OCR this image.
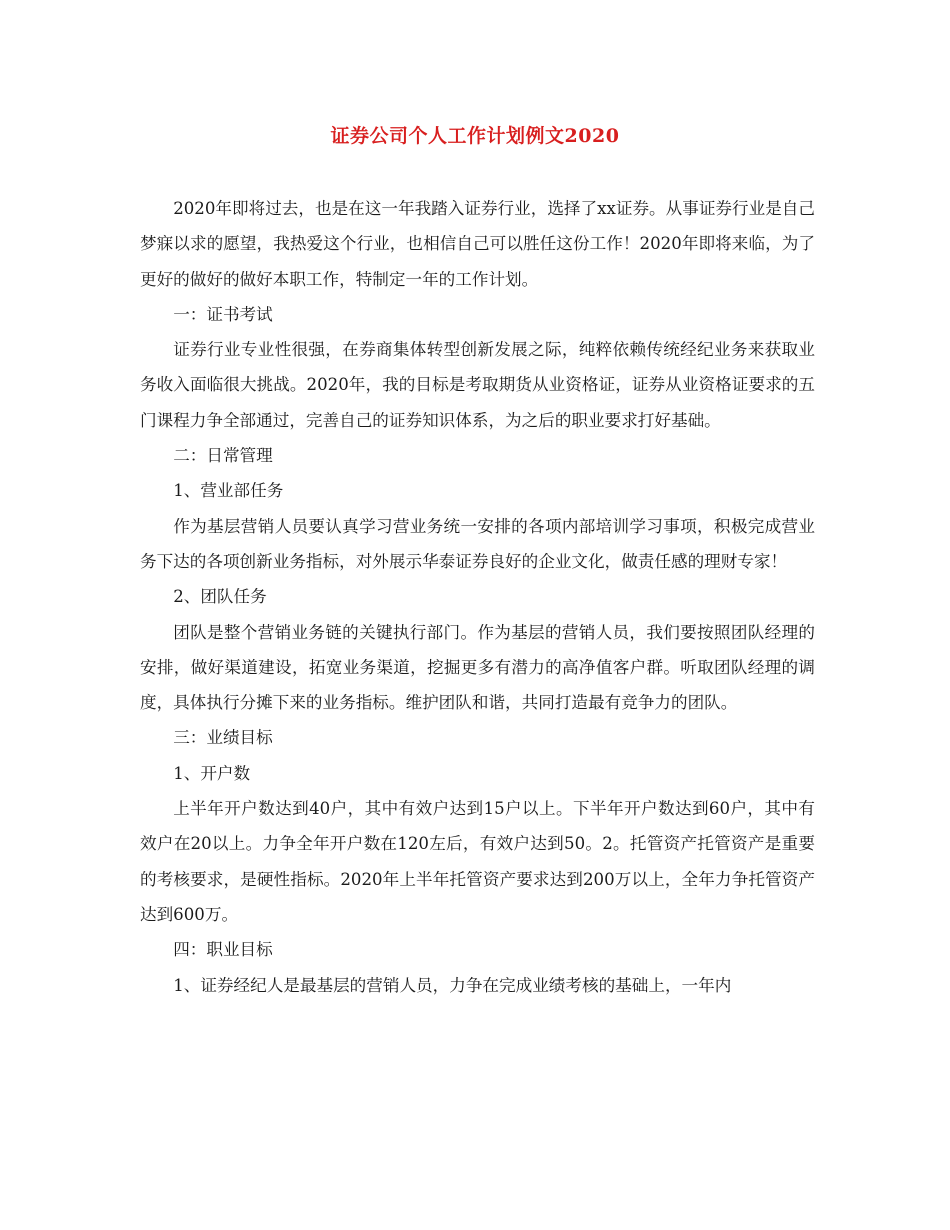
证券公司个人工作计划例文2020

2020年即将过去，也是在这一年我踏入证券行业，选择了xx证券。从事证券行业是自己梦寐以求的愿望，我热爱这个行业，也相信自己可以胜任这份工作！2020年即将来临，为了更好的做好的做好本职工作，特制定一年的工作计划。

一：证书考试

证券行业专业性很强，在券商集体转型创新发展之际，纯粹依赖传统经纪业务来获取业务收入面临很大挑战。2020年，我的目标是考取期货从业资格证，证券从业资格证要求的五门课程力争全部通过，完善自己的证券知识体系，为之后的职业要求打好基础。

二：日常管理

1、营业部任务

作为基层营销人员要认真学习营业务统一安排的各项内部培训学习事项，积极完成营业务下达的各项创新业务指标，对外展示华泰证券良好的企业文化，做责任感的理财专家！

2、团队任务

团队是整个营销业务链的关键执行部门。作为基层的营销人员，我们要按照团队经理的安排，做好渠道建设，拓宽业务渠道，挖掘更多有潜力的高净值客户群。听取团队经理的调度，具体执行分摊下来的业务指标。维护团队和谐，共同打造最有竞争力的团队。

三：业绩目标

1、开户数

上半年开户数达到40户，其中有效户达到15户以上。下半年开户数达到60户，其中有效户在20以上。力争全年开户数在120左后，有效户达到50。2。托管资产托管资产是重要的考核要求，是硬性指标。2020年上半年托管资产要求达到200万以上，全年力争托管资产达到600万。

四：职业目标

1、证券经纪人是最基层的营销人员，力争在完成业绩考核的基础上，一年内
